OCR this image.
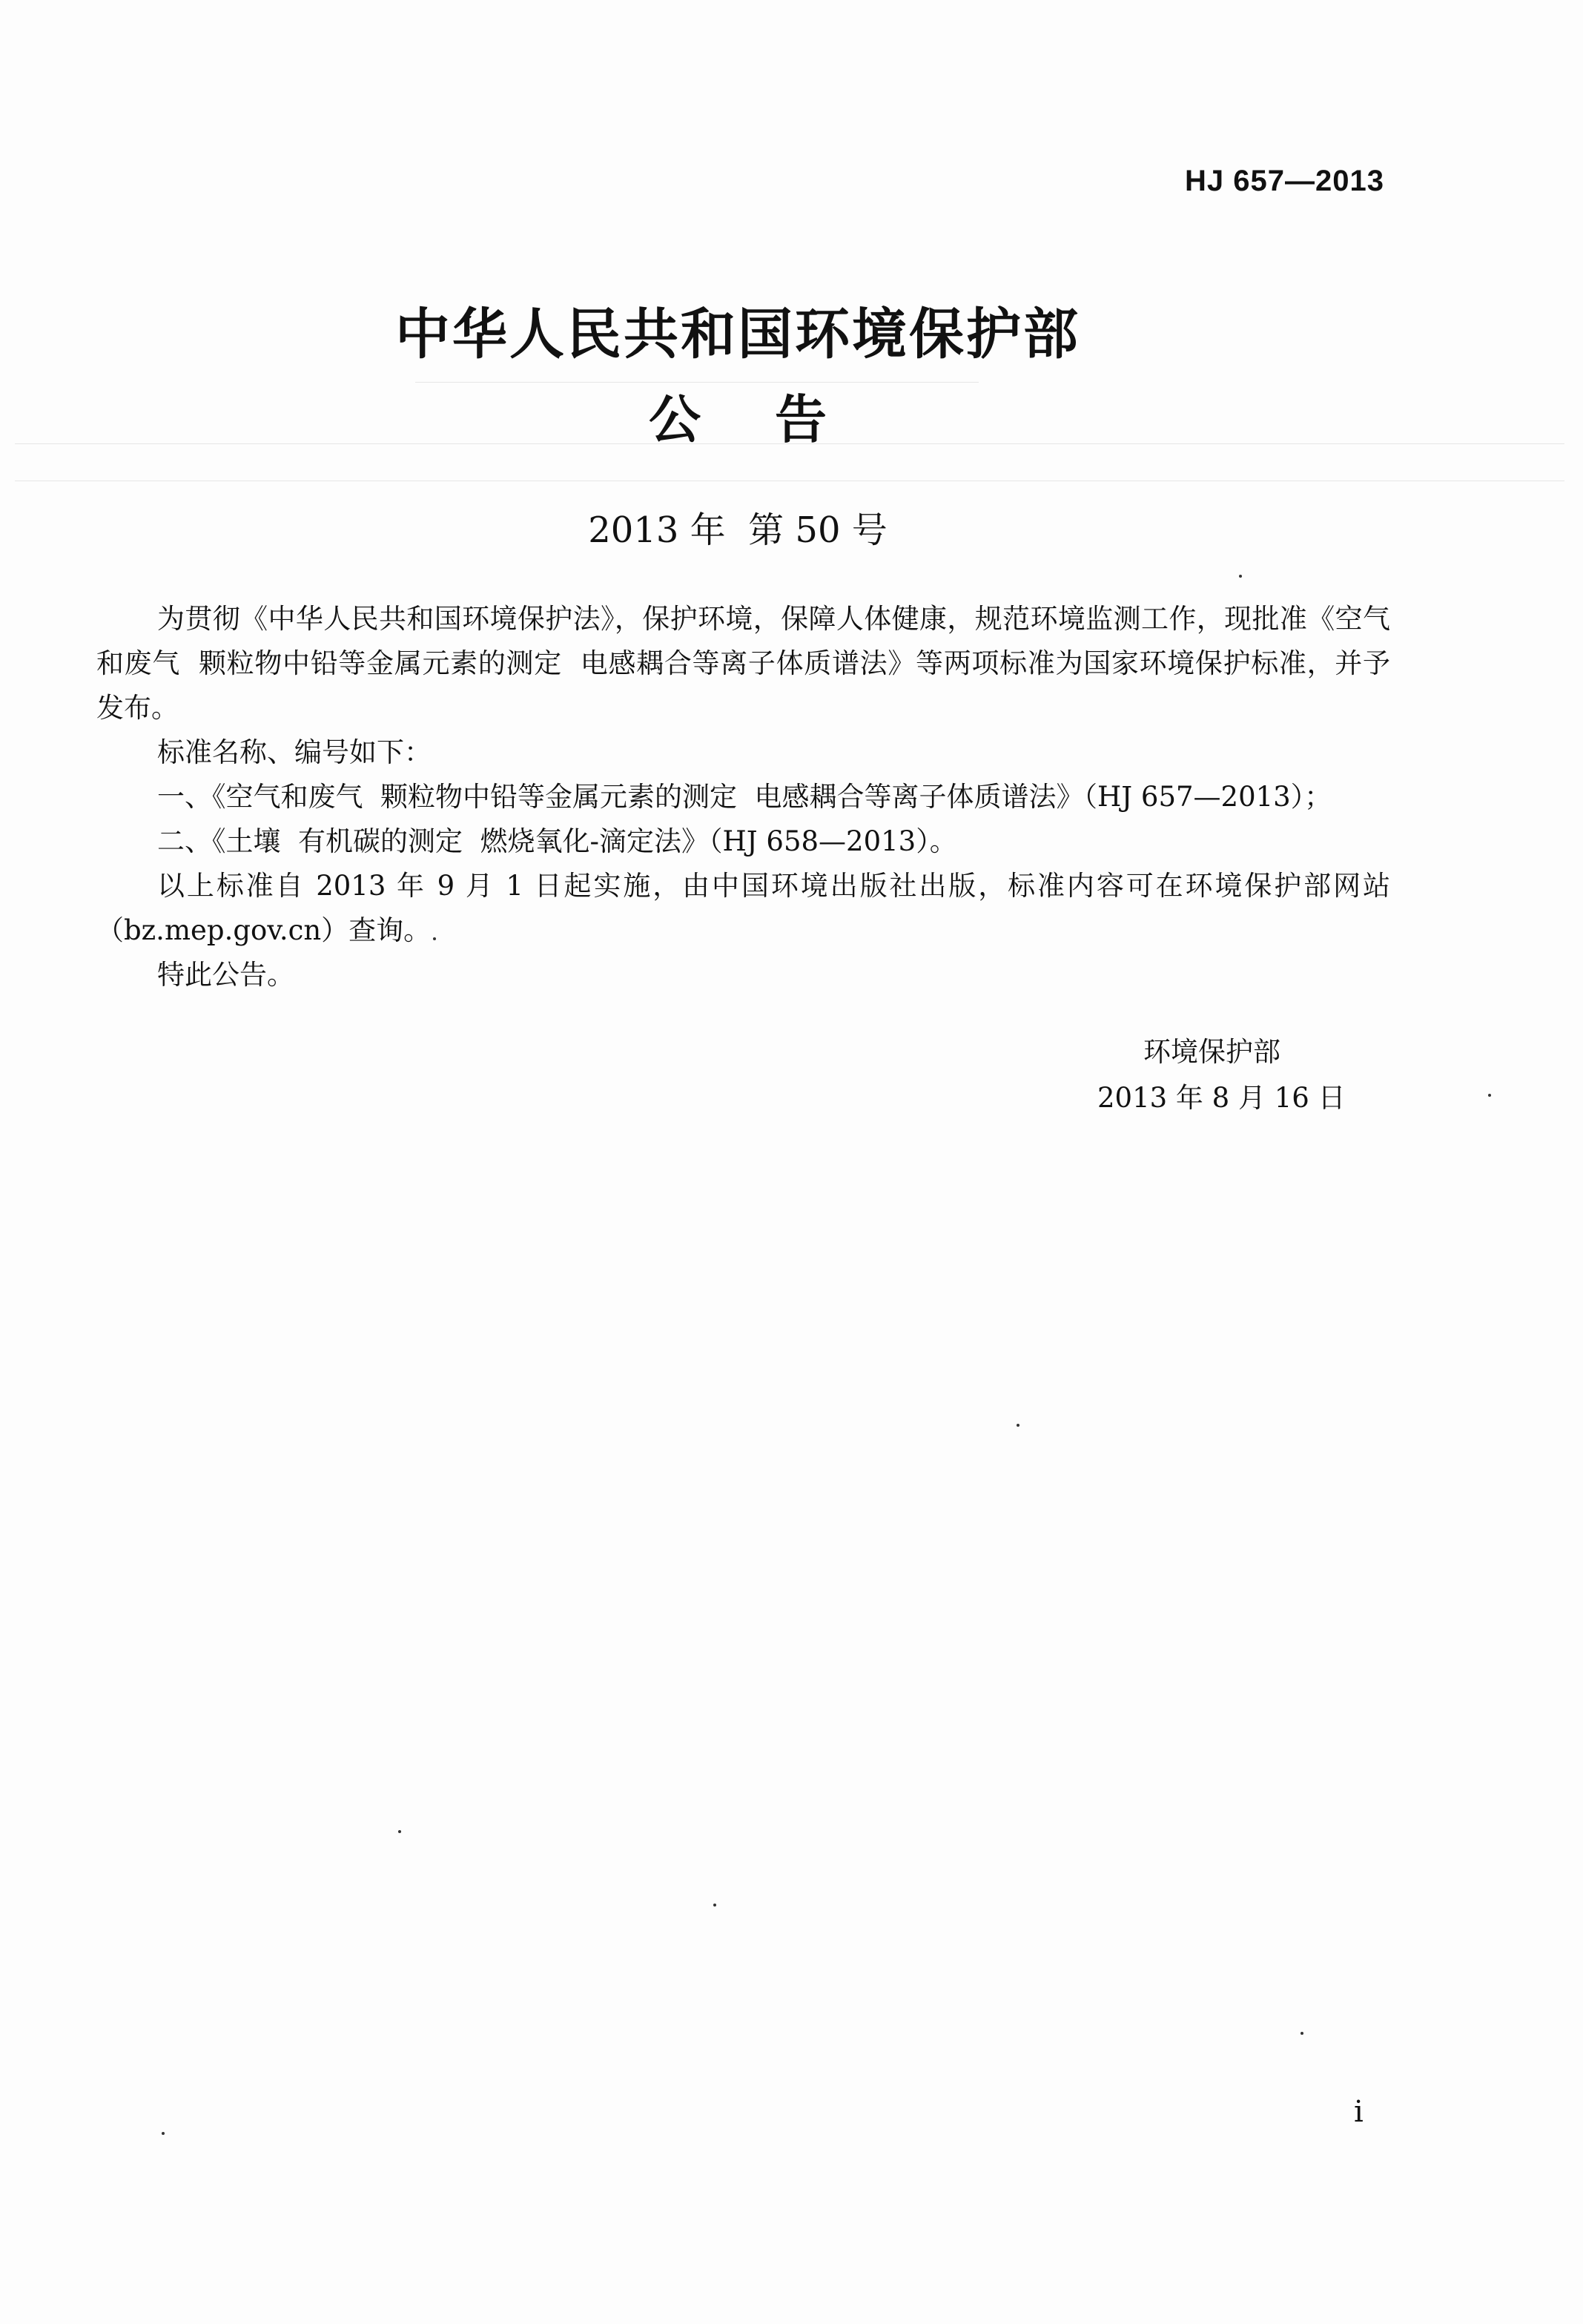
HJ 657—2013
中华人民共和国环境保护部
公告
2013 年  第 50 号

为贯彻《中华人民共和国环境保护法》，保护环境，保障人体健康，规范环境监测工作，现批准《空气和废气  颗粒物中铅等金属元素的测定  电感耦合等离子体质谱法》等两项标准为国家环境保护标准，并予发布。

标准名称、编号如下：

一、《空气和废气  颗粒物中铅等金属元素的测定  电感耦合等离子体质谱法》（HJ 657—2013）；

二、《土壤  有机碳的测定  燃烧氧化-滴定法》（HJ 658—2013）。

以上标准自 2013 年 9 月 1 日起实施，由中国环境出版社出版，标准内容可在环境保护部网站（bz.mep.gov.cn）查询。

特此公告。

环境保护部
2013 年 8 月 16 日
i
